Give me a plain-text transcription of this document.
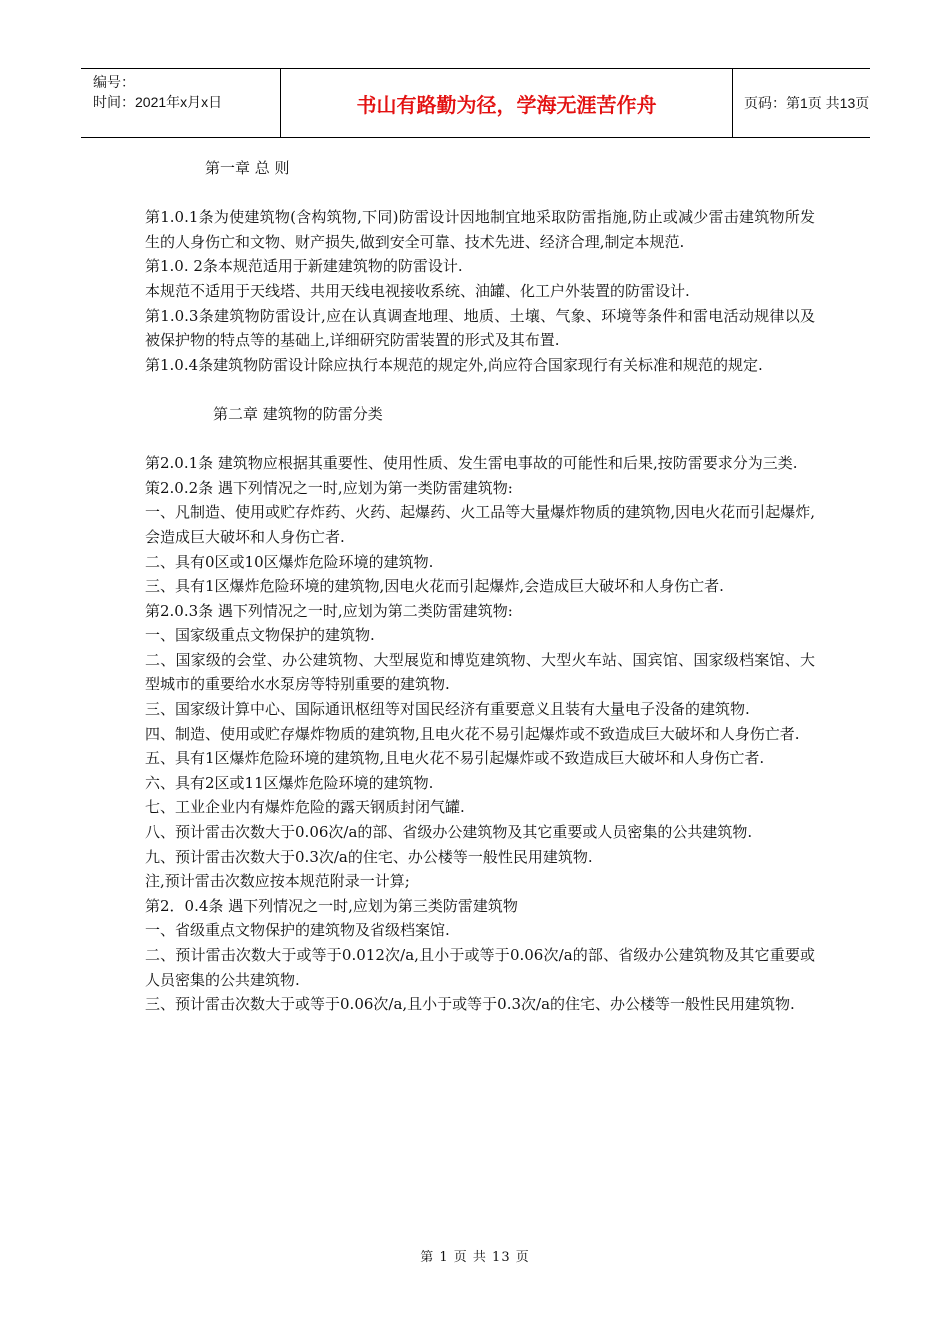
编号：
时间：2021年x月x日	书山有路勤为径，学海无涯苦作舟	页码：第1页 共13页

第一章 总 则

第1.0.1条为使建筑物(含构筑物,下同)防雷设计因地制宜地采取防雷指施,防止或减少雷击建筑物所发生的人身伤亡和文物、财产损失,做到安全可靠、技术先进、经济合理,制定本规范.

第1.0. 2条本规范适用于新建建筑物的防雷设计.

本规范不适用于天线塔、共用天线电视接收系统、油罐、化工户外装置的防雷设计.

第1.0.3条建筑物防雷设计,应在认真调查地理、地质、土壤、气象、环境等条件和雷电活动规律以及被保护物的特点等的基础上,详细研究防雷装置的形式及其布置.

第1.0.4条建筑物防雷设计除应执行本规范的规定外,尚应符合国家现行有关标准和规范的规定.

第二章 建筑物的防雷分类

第2.0.1条 建筑物应根据其重要性、使用性质、发生雷电事故的可能性和后果,按防雷要求分为三类.

策2.0.2条 遇下列情况之一时,应划为第一类防雷建筑物:

一、凡制造、使用或贮存炸药、火药、起爆药、火工品等大量爆炸物质的建筑物,因电火花而引起爆炸,会造成巨大破坏和人身伤亡者.

二、具有0区或10区爆炸危险环境的建筑物.

三、具有1区爆炸危险环境的建筑物,因电火花而引起爆炸,会造成巨大破坏和人身伤亡者.

第2.0.3条 遇下列情况之一时,应划为第二类防雷建筑物:

一、国家级重点文物保护的建筑物.

二、国家级的会堂、办公建筑物、大型展览和博览建筑物、大型火车站、国宾馆、国家级档案馆、大型城市的重要给水水泵房等特别重要的建筑物.

三、国家级计算中心、国际通讯枢纽等对国民经济有重要意义且装有大量电子没备的建筑物.

四、制造、使用或贮存爆炸物质的建筑物,且电火花不易引起爆炸或不致造成巨大破坏和人身伤亡者.

五、具有1区爆炸危险环境的建筑物,且电火花不易引起爆炸或不致造成巨大破坏和人身伤亡者.

六、具有2区或11区爆炸危险环境的建筑物.

七、工业企业内有爆炸危险的露天钢质封闭气罐.

八、预计雷击次数大于0.06次/a的部、省级办公建筑物及其它重要或人员密集的公共建筑物.

九、预计雷击次数大于0.3次/a的住宅、办公楼等一般性民用建筑物.

注,预计雷击次数应按本规范附录一计算;

第2．0.4条 遇下列情况之一时,应划为第三类防雷建筑物

一、省级重点文物保护的建筑物及省级档案馆.

二、预计雷击次数大于或等于0.012次/a,且小于或等于0.06次/a的部、省级办公建筑物及其它重要或人员密集的公共建筑物.

三、预计雷击次数大于或等于0.06次/a,且小于或等于0.3次/a的住宅、办公楼等一般性民用建筑物.

第 1 页 共 13 页
